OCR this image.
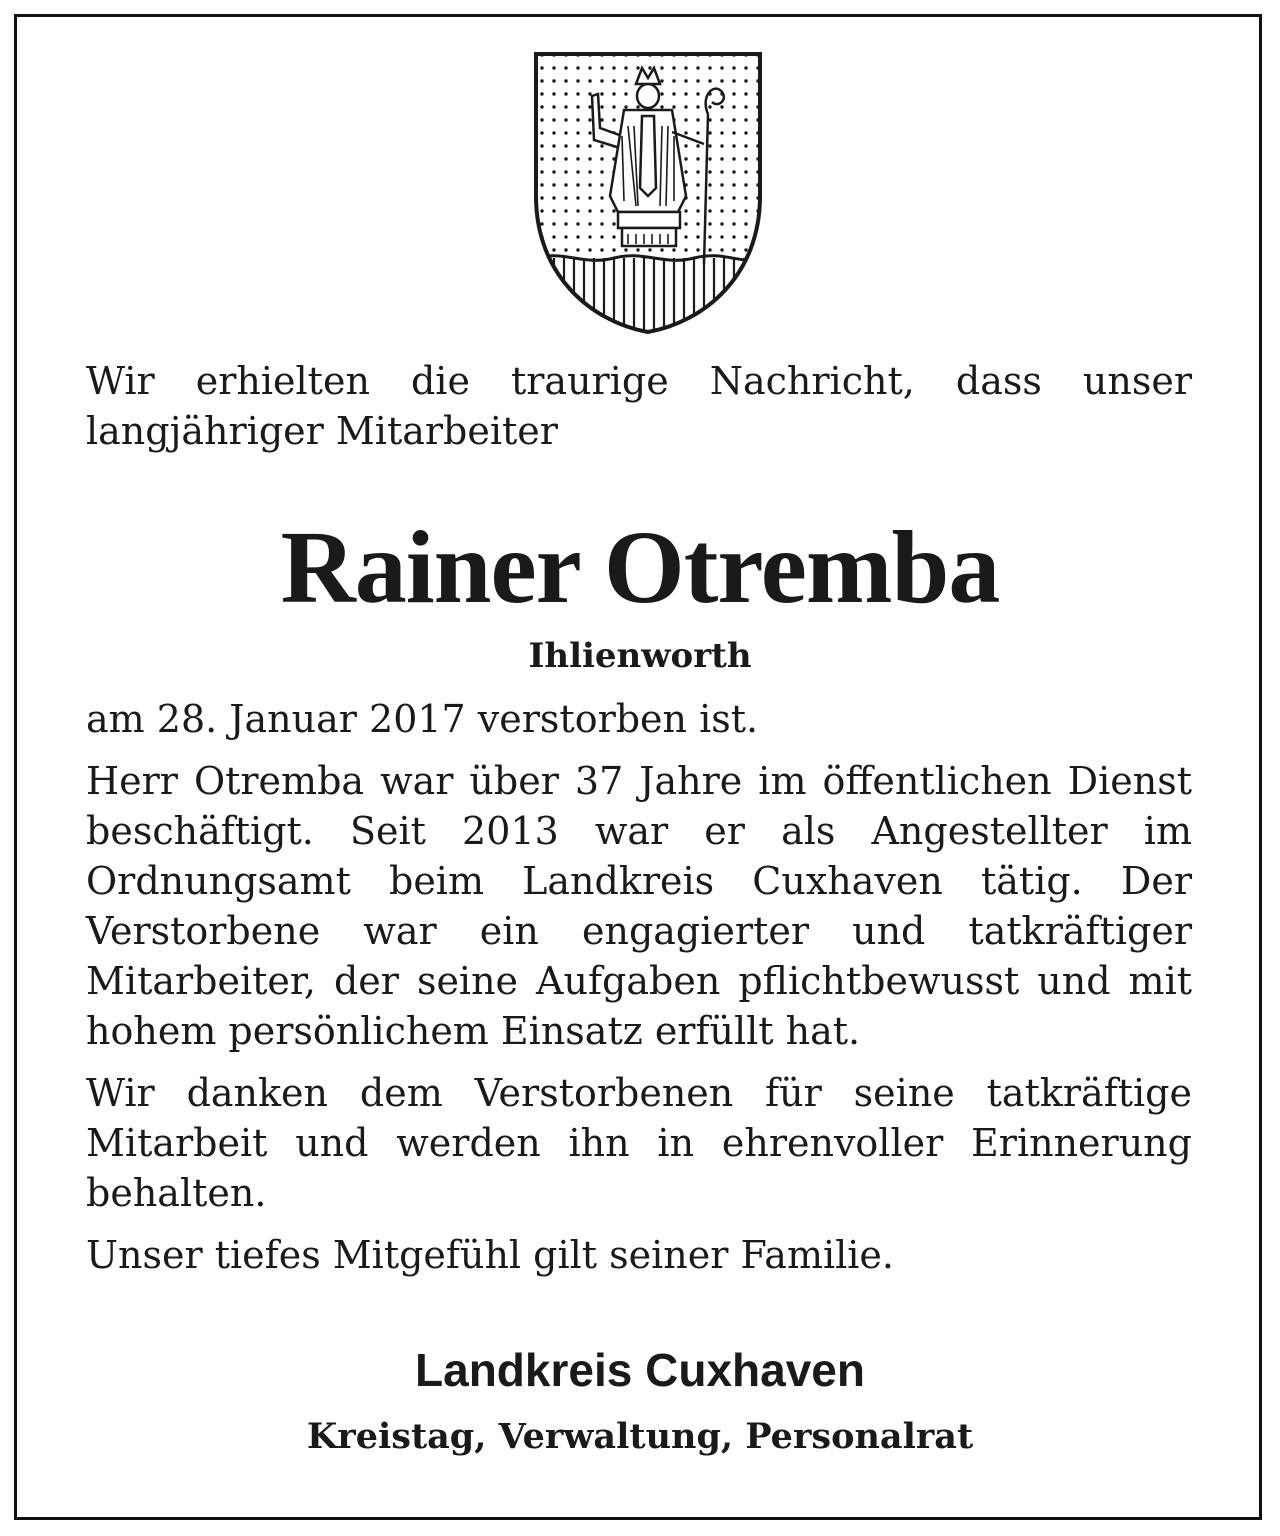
Wir erhielten die traurige Nachricht, dass unser langjähriger Mitarbeiter

Rainer Otremba
Ihlienworth

am 28. Januar 2017 verstorben ist.

Herr Otremba war über 37 Jahre im öffentlichen Dienst beschäftigt. Seit 2013 war er als Angestellter im Ordnungsamt beim Landkreis Cuxhaven tätig. Der Verstorbene war ein engagierter und tatkräftiger Mitarbeiter, der seine Aufgaben pflichtbewusst und mit hohem persönlichem Einsatz erfüllt hat.

Wir danken dem Verstorbenen für seine tatkräftige Mitarbeit und werden ihn in ehrenvoller Erinnerung behalten.

Unser tiefes Mitgefühl gilt seiner Familie.

Landkreis Cuxhaven
Kreistag, Verwaltung, Personalrat
